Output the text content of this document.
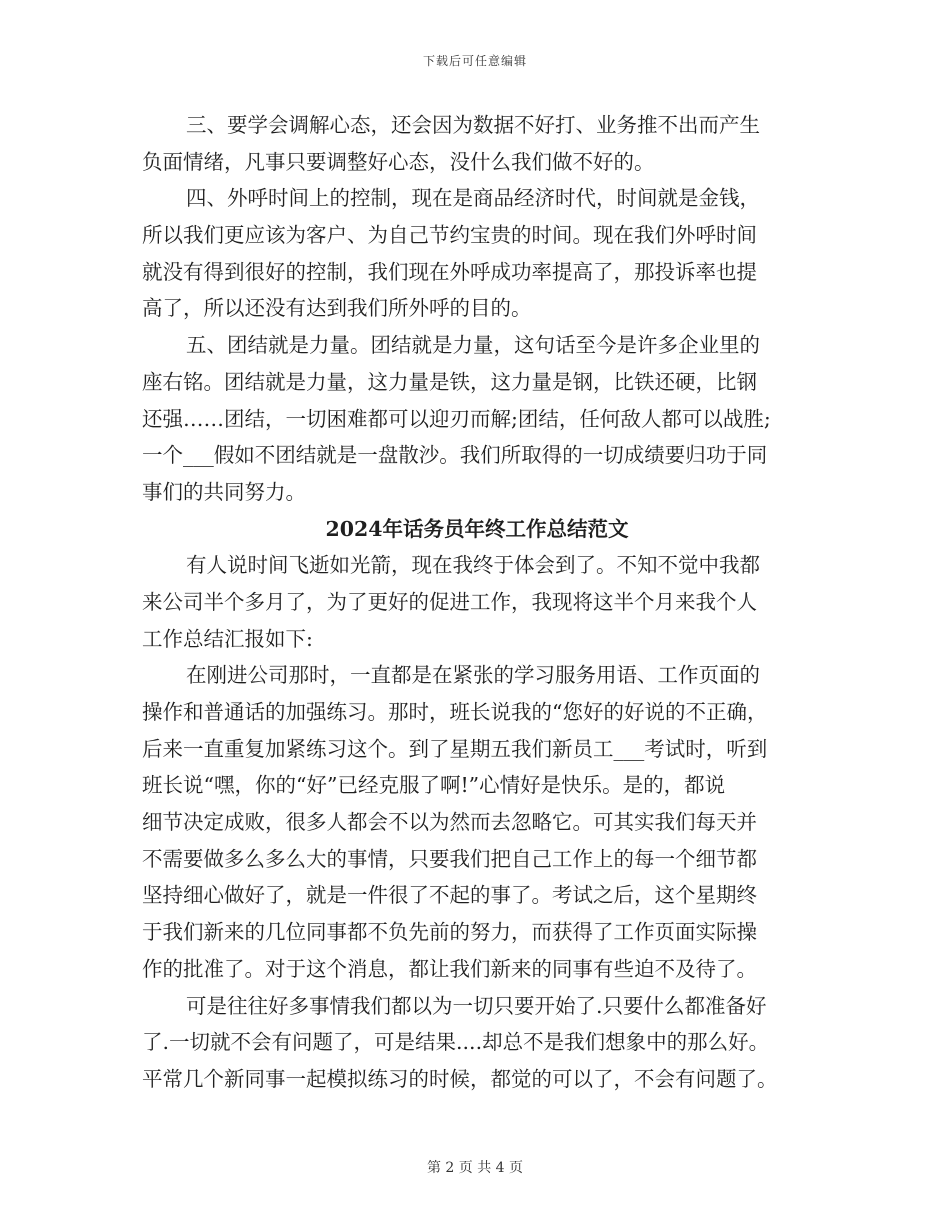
下载后可任意编辑
三、要学会调解心态，还会因为数据不好打、业务推不出而产生
负面情绪，凡事只要调整好心态，没什么我们做不好的。
四、外呼时间上的控制，现在是商品经济时代，时间就是金钱，
所以我们更应该为客户、为自己节约宝贵的时间。现在我们外呼时间
就没有得到很好的控制，我们现在外呼成功率提高了，那投诉率也提
高了，所以还没有达到我们所外呼的目的。
五、团结就是力量。团结就是力量，这句话至今是许多企业里的
座右铭。团结就是力量，这力量是铁，这力量是钢，比铁还硬，比钢
还强……团结，一切困难都可以迎刃而解;团结，任何敌人都可以战胜;
一个___假如不团结就是一盘散沙。我们所取得的一切成绩要归功于同
事们的共同努力。
2024年话务员年终工作总结范文
有人说时间飞逝如光箭，现在我终于体会到了。不知不觉中我都
来公司半个多月了，为了更好的促进工作，我现将这半个月来我个人
工作总结汇报如下:
在刚进公司那时，一直都是在紧张的学习服务用语、工作页面的
操作和普通话的加强练习。那时，班长说我的“您好的好说的不正确，
后来一直重复加紧练习这个。到了星期五我们新员工___考试时，听到
班长说“嘿，你的“好”已经克服了啊!”心情好是快乐。是的，都说
细节决定成败，很多人都会不以为然而去忽略它。可其实我们每天并
不需要做多么多么大的事情，只要我们把自己工作上的每一个细节都
坚持细心做好了，就是一件很了不起的事了。考试之后，这个星期终
于我们新来的几位同事都不负先前的努力，而获得了工作页面实际操
作的批准了。对于这个消息，都让我们新来的同事有些迫不及待了。
可是往往好多事情我们都以为一切只要开始了.只要什么都准备好
了.一切就不会有问题了，可是结果....却总不是我们想象中的那么好。
平常几个新同事一起模拟练习的时候，都觉的可以了，不会有问题了。
第 2 页 共 4 页
